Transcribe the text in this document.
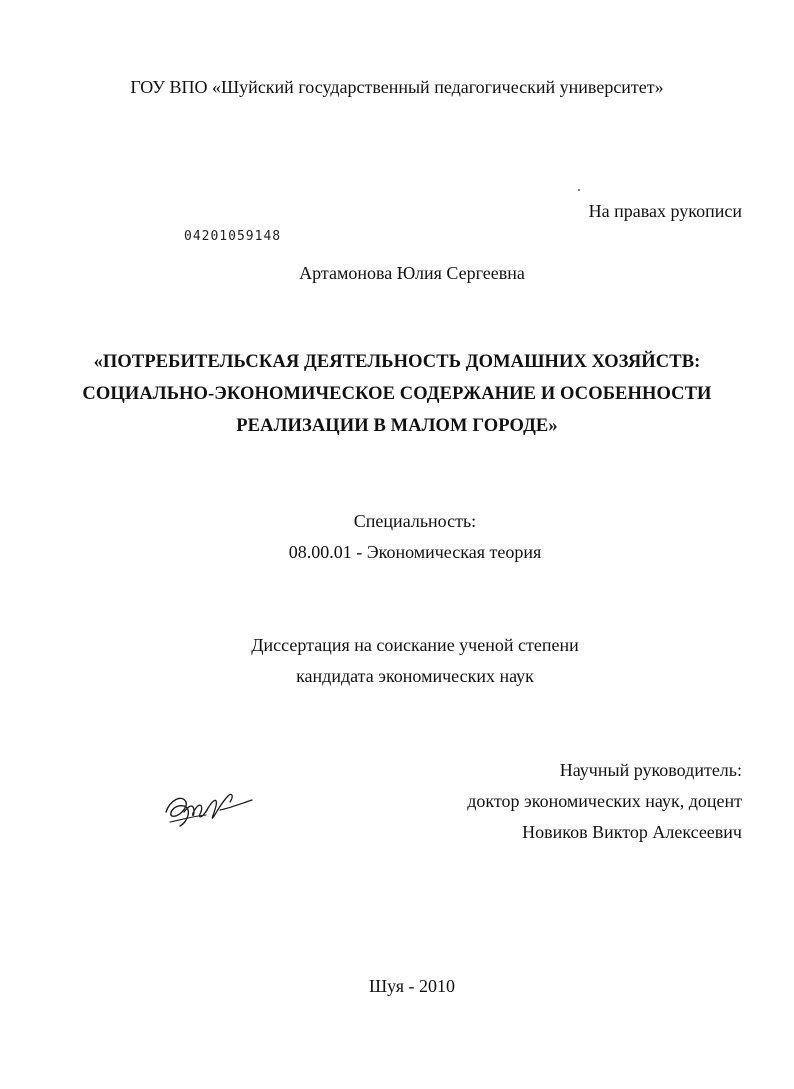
ГОУ ВПО «Шуйский государственный педагогический университет»
На правах рукописи
04201059148
Артамонова Юлия Сергеевна
«ПОТРЕБИТЕЛЬСКАЯ ДЕЯТЕЛЬНОСТЬ ДОМАШНИХ ХОЗЯЙСТВ:
СОЦИАЛЬНО-ЭКОНОМИЧЕСКОЕ СОДЕРЖАНИЕ И ОСОБЕННОСТИ
РЕАЛИЗАЦИИ В МАЛОМ ГОРОДЕ»
Специальность:
08.00.01 - Экономическая теория
Диссертация на соискание ученой степени
кандидата экономических наук
Научный руководитель:
доктор экономических наук, доцент
Новиков Виктор Алексеевич
Шуя - 2010
